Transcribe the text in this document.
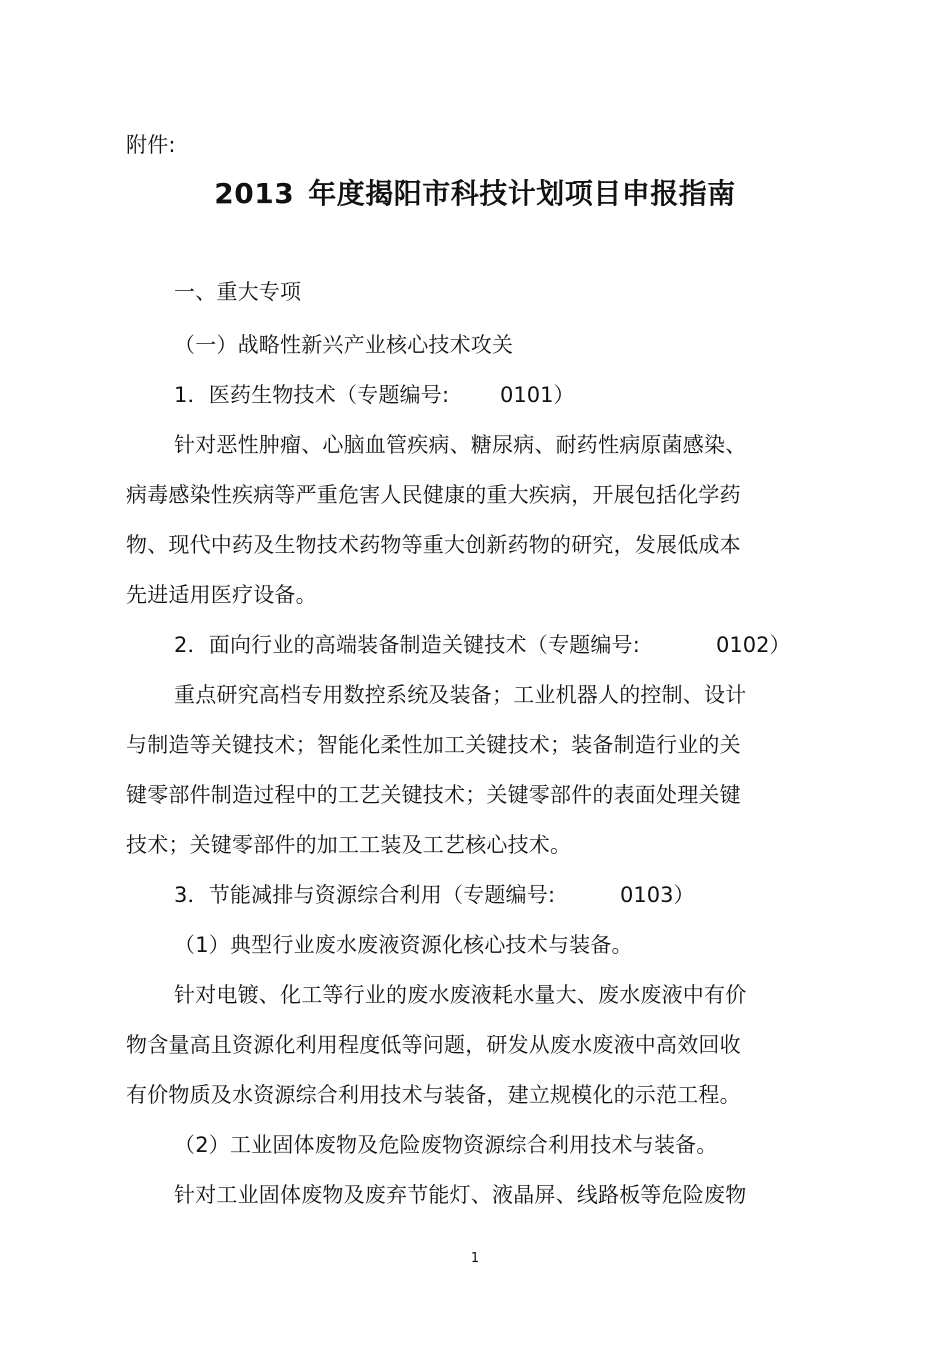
附件:

2013 年度揭阳市科技计划项目申报指南

一、重大专项

（一）战略性新兴产业核心技术攻关

1．医药生物技术（专题编号: 0101）

针对恶性肿瘤、心脑血管疾病、糖尿病、耐药性病原菌感染、

病毒感染性疾病等严重危害人民健康的重大疾病，开展包括化学药

物、现代中药及生物技术药物等重大创新药物的研究，发展低成本

先进适用医疗设备。

2．面向行业的高端装备制造关键技术（专题编号:	0102）

重点研究高档专用数控系统及装备；工业机器人的控制、设计

与制造等关键技术；智能化柔性加工关键技术；装备制造行业的关

键零部件制造过程中的工艺关键技术；关键零部件的表面处理关键

技术；关键零部件的加工工装及工艺核心技术。

3．节能减排与资源综合利用（专题编号:	0103）

（1）典型行业废水废液资源化核心技术与装备。

针对电镀、化工等行业的废水废液耗水量大、废水废液中有价

物含量高且资源化利用程度低等问题，研发从废水废液中高效回收

有价物质及水资源综合利用技术与装备，建立规模化的示范工程。

（2）工业固体废物及危险废物资源综合利用技术与装备。

针对工业固体废物及废弃节能灯、液晶屏、线路板等危险废物

1
